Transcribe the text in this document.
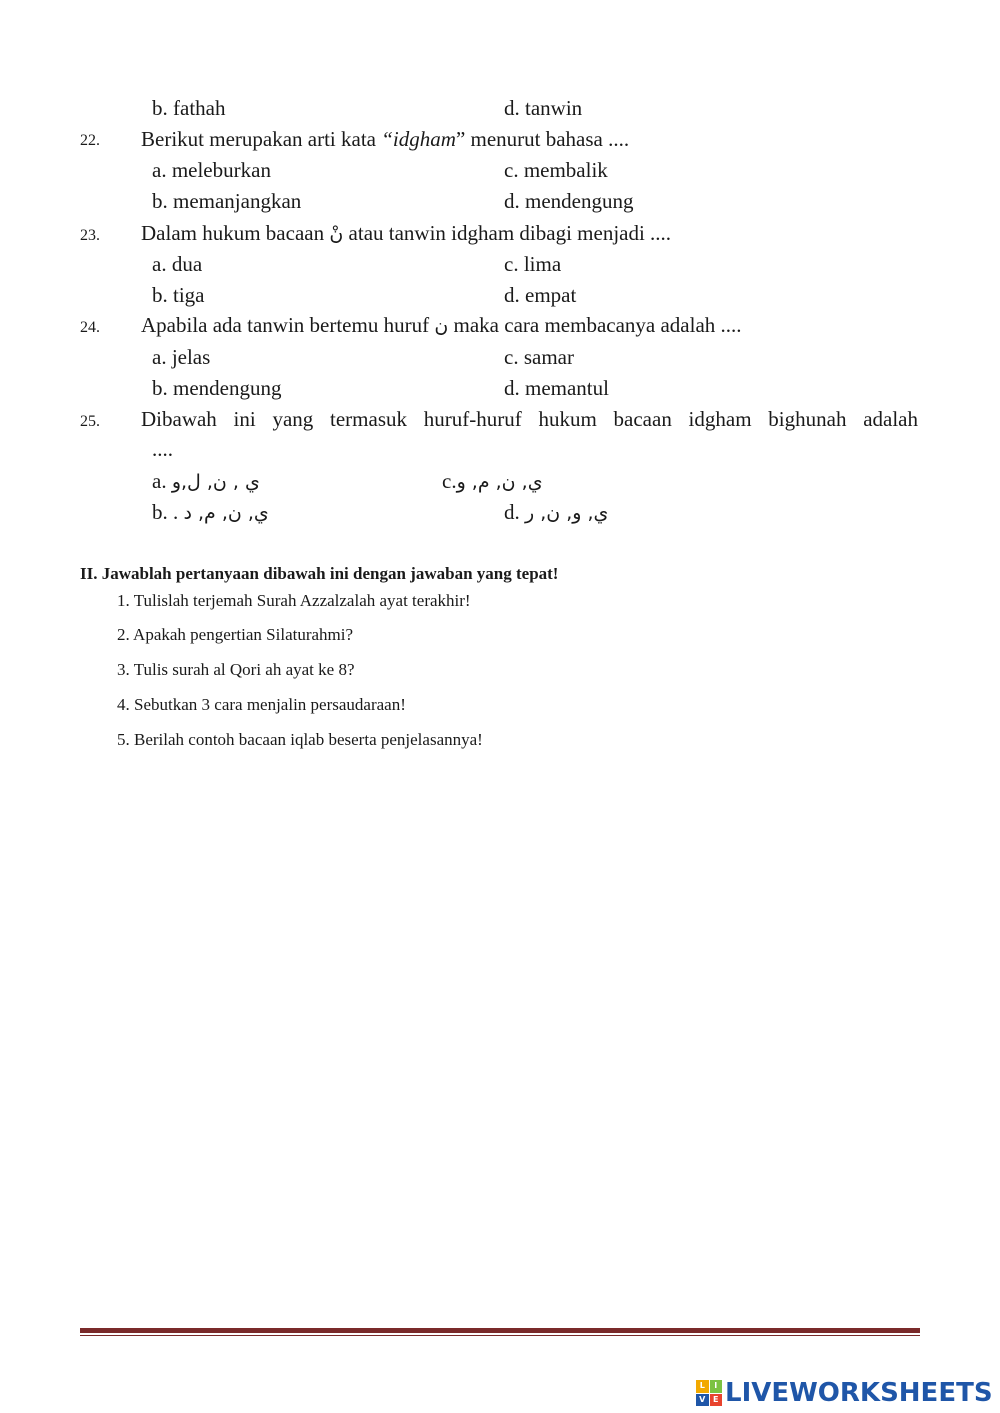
b. fathah	d. tanwin
22. Berikut merupakan arti kata “idgham” menurut bahasa ....
a. meleburkan	c. membalik
b. memanjangkan	d. mendengung
23. Dalam hukum bacaan نْ atau tanwin idgham dibagi menjadi ....
a. dua	c. lima
b. tiga	d. empat
24. Apabila ada tanwin bertemu huruf ن maka cara membacanya adalah ....
a. jelas	c. samar
b. mendengung	d. memantul
25. Dibawah ini yang termasuk huruf-huruf hukum bacaan idgham bighunah adalah
....
a. ي , ن, ل,و	c.ي, ن, م, و
b. . ي, ن, م, د	d. ي, و, ن, ر
II. Jawablah pertanyaan dibawah ini dengan jawaban yang tepat!
1. Tulislah terjemah Surah Azzalzalah ayat terakhir!
2. Apakah pengertian Silaturahmi?
3. Tulis surah al Qori ah ayat ke 8?
4. Sebutkan 3 cara menjalin persaudaraan!
5. Berilah contoh bacaan iqlab beserta penjelasannya!
L	I
V E LIVEWORKSHEETS
